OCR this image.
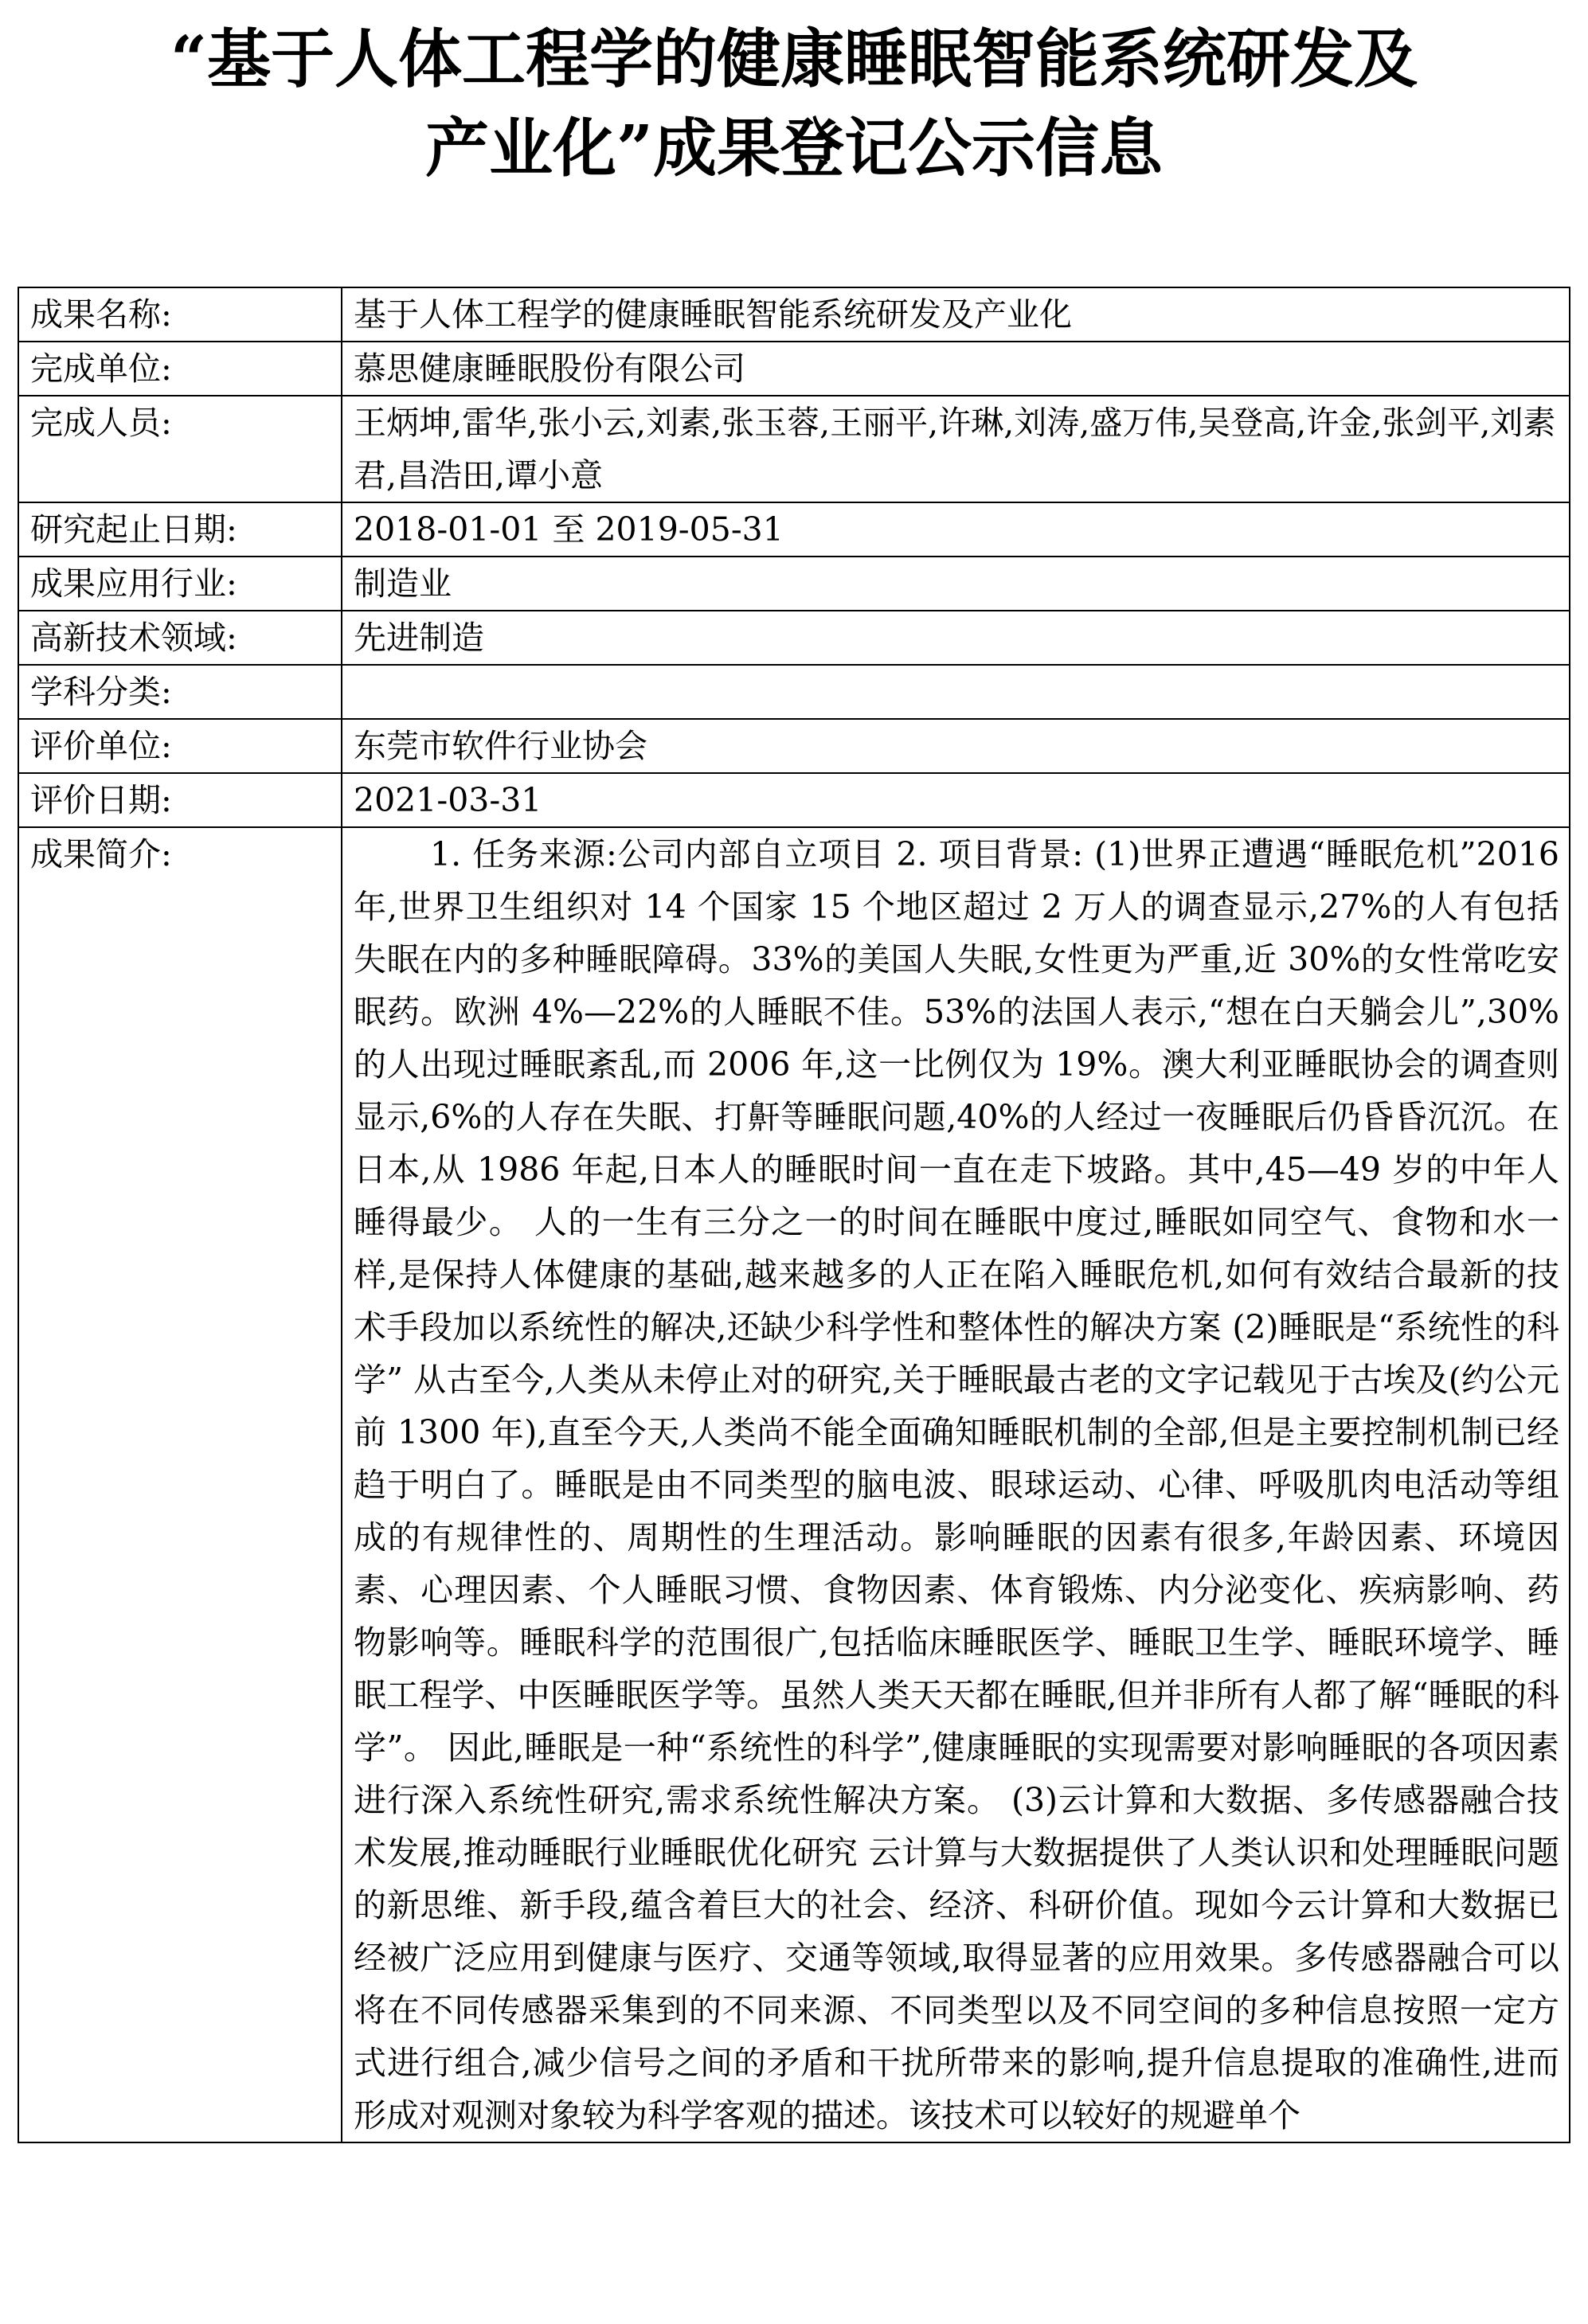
“基于人体工程学的健康睡眠智能系统研发及
产业化”成果登记公示信息
成果名称:	基于人体工程学的健康睡眠智能系统研发及产业化
完成单位:	慕思健康睡眠股份有限公司
完成人员:	王炳坤,雷华,张小云,刘素,张玉蓉,王丽平,许琳,刘涛,盛万伟,吴登高,许金,张剑平,刘素君,昌浩田,谭小意
研究起止日期:	2018-01-01 至 2019-05-31
成果应用行业:	制造业
高新技术领域:	先进制造
学科分类:	
评价单位:	东莞市软件行业协会
评价日期:	2021-03-31
成果简介:	1. 任务来源:公司内部自立项目 2. 项目背景: (1)世界正遭遇“睡眠危机”2016 年,世界卫生组织对 14 个国家 15 个地区超过 2 万人的调查显示,27%的人有包括失眠在内的多种睡眠障碍。33%的美国人失眠,女性更为严重,近 30%的女性常吃安眠药。欧洲 4%—22%的人睡眠不佳。53%的法国人表示,“想在白天躺会儿”,30%的人出现过睡眠紊乱,而 2006 年,这一比例仅为 19%。澳大利亚睡眠协会的调查则显示,6%的人存在失眠、打鼾等睡眠问题,40%的人经过一夜睡眠后仍昏昏沉沉。在日本,从 1986 年起,日本人的睡眠时间一直在走下坡路。其中,45—49 岁的中年人睡得最少。 人的一生有三分之一的时间在睡眠中度过,睡眠如同空气、食物和水一样,是保持人体健康的基础,越来越多的人正在陷入睡眠危机,如何有效结合最新的技术手段加以系统性的解决,还缺少科学性和整体性的解决方案 (2)睡眠是“系统性的科学” 从古至今,人类从未停止对的研究,关于睡眠最古老的文字记载见于古埃及(约公元前 1300 年),直至今天,人类尚不能全面确知睡眠机制的全部,但是主要控制机制已经趋于明白了。睡眠是由不同类型的脑电波、眼球运动、心律、呼吸肌肉电活动等组成的有规律性的、周期性的生理活动。影响睡眠的因素有很多,年龄因素、环境因素、心理因素、个人睡眠习惯、食物因素、体育锻炼、内分泌变化、疾病影响、药物影响等。睡眠科学的范围很广,包括临床睡眠医学、睡眠卫生学、睡眠环境学、睡眠工程学、中医睡眠医学等。虽然人类天天都在睡眠,但并非所有人都了解“睡眠的科学”。 因此,睡眠是一种“系统性的科学”,健康睡眠的实现需要对影响睡眠的各项因素进行深入系统性研究,需求系统性解决方案。 (3)云计算和大数据、多传感器融合技术发展,推动睡眠行业睡眠优化研究 云计算与大数据提供了人类认识和处理睡眠问题的新思维、新手段,蕴含着巨大的社会、经济、科研价值。现如今云计算和大数据已经被广泛应用到健康与医疗、交通等领域,取得显著的应用效果。多传感器融合可以将在不同传感器采集到的不同来源、不同类型以及不同空间的多种信息按照一定方式进行组合,减少信号之间的矛盾和干扰所带来的影响,提升信息提取的准确性,进而形成对观测对象较为科学客观的描述。该技术可以较好的规避单个
